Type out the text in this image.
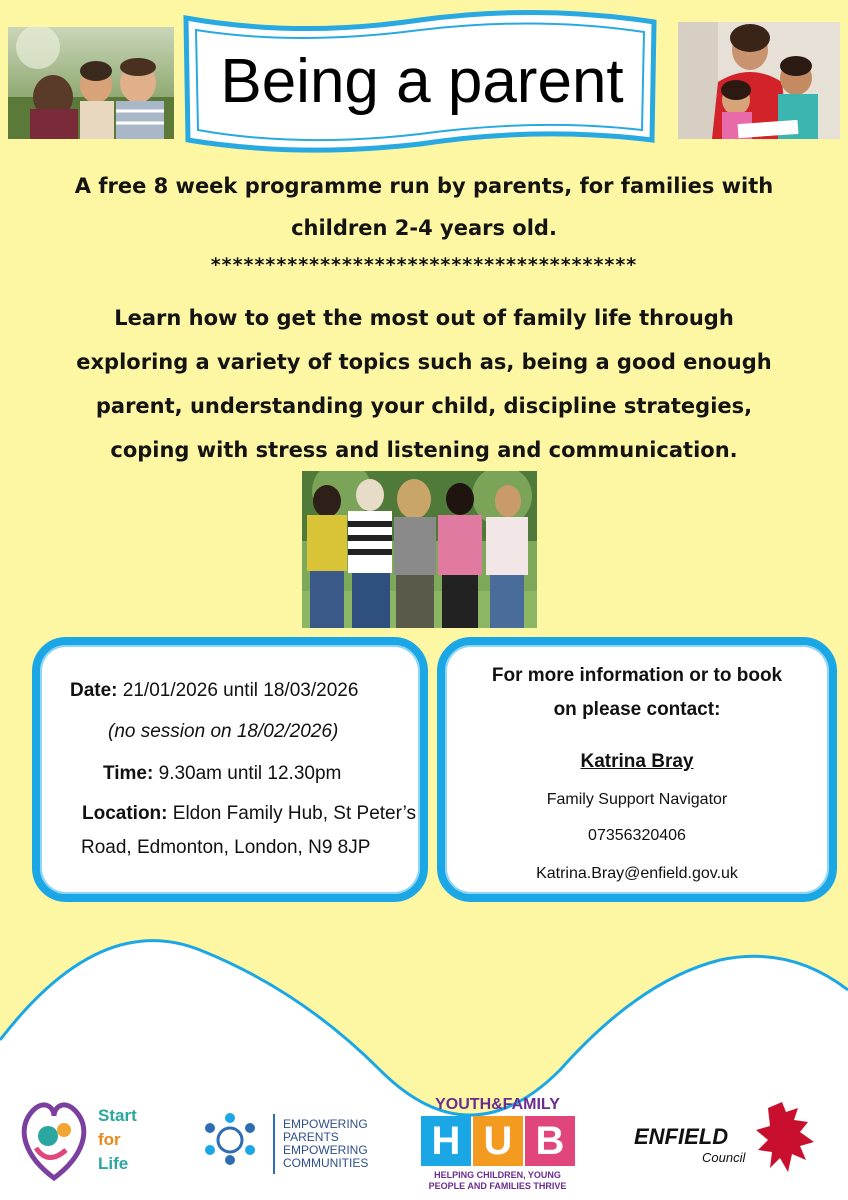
Being a parent
A free 8 week programme run by parents, for families with
children 2-4 years old.
***************************************
Learn how to get the most out of family life through
exploring a variety of topics such as, being a good enough
parent, understanding your child, discipline strategies,
coping with stress and listening and communication.
Date: 21/01/2026 until 18/03/2026
(no session on 18/02/2026)
Time: 9.30am until 12.30pm
Location: Eldon Family Hub, St Peter’s
Road, Edmonton, London, N9 8JP
For more information or to book
on please contact:
Katrina Bray
Family Support Navigator
07356320406
Katrina.Bray@enfield.gov.uk
Start
for
Life
EMPOWERING
PARENTS
EMPOWERING
COMMUNITIES
YOUTH&FAMILY
H U B
HELPING CHILDREN, YOUNG
PEOPLE AND FAMILIES THRIVE
ENFIELD
Council
